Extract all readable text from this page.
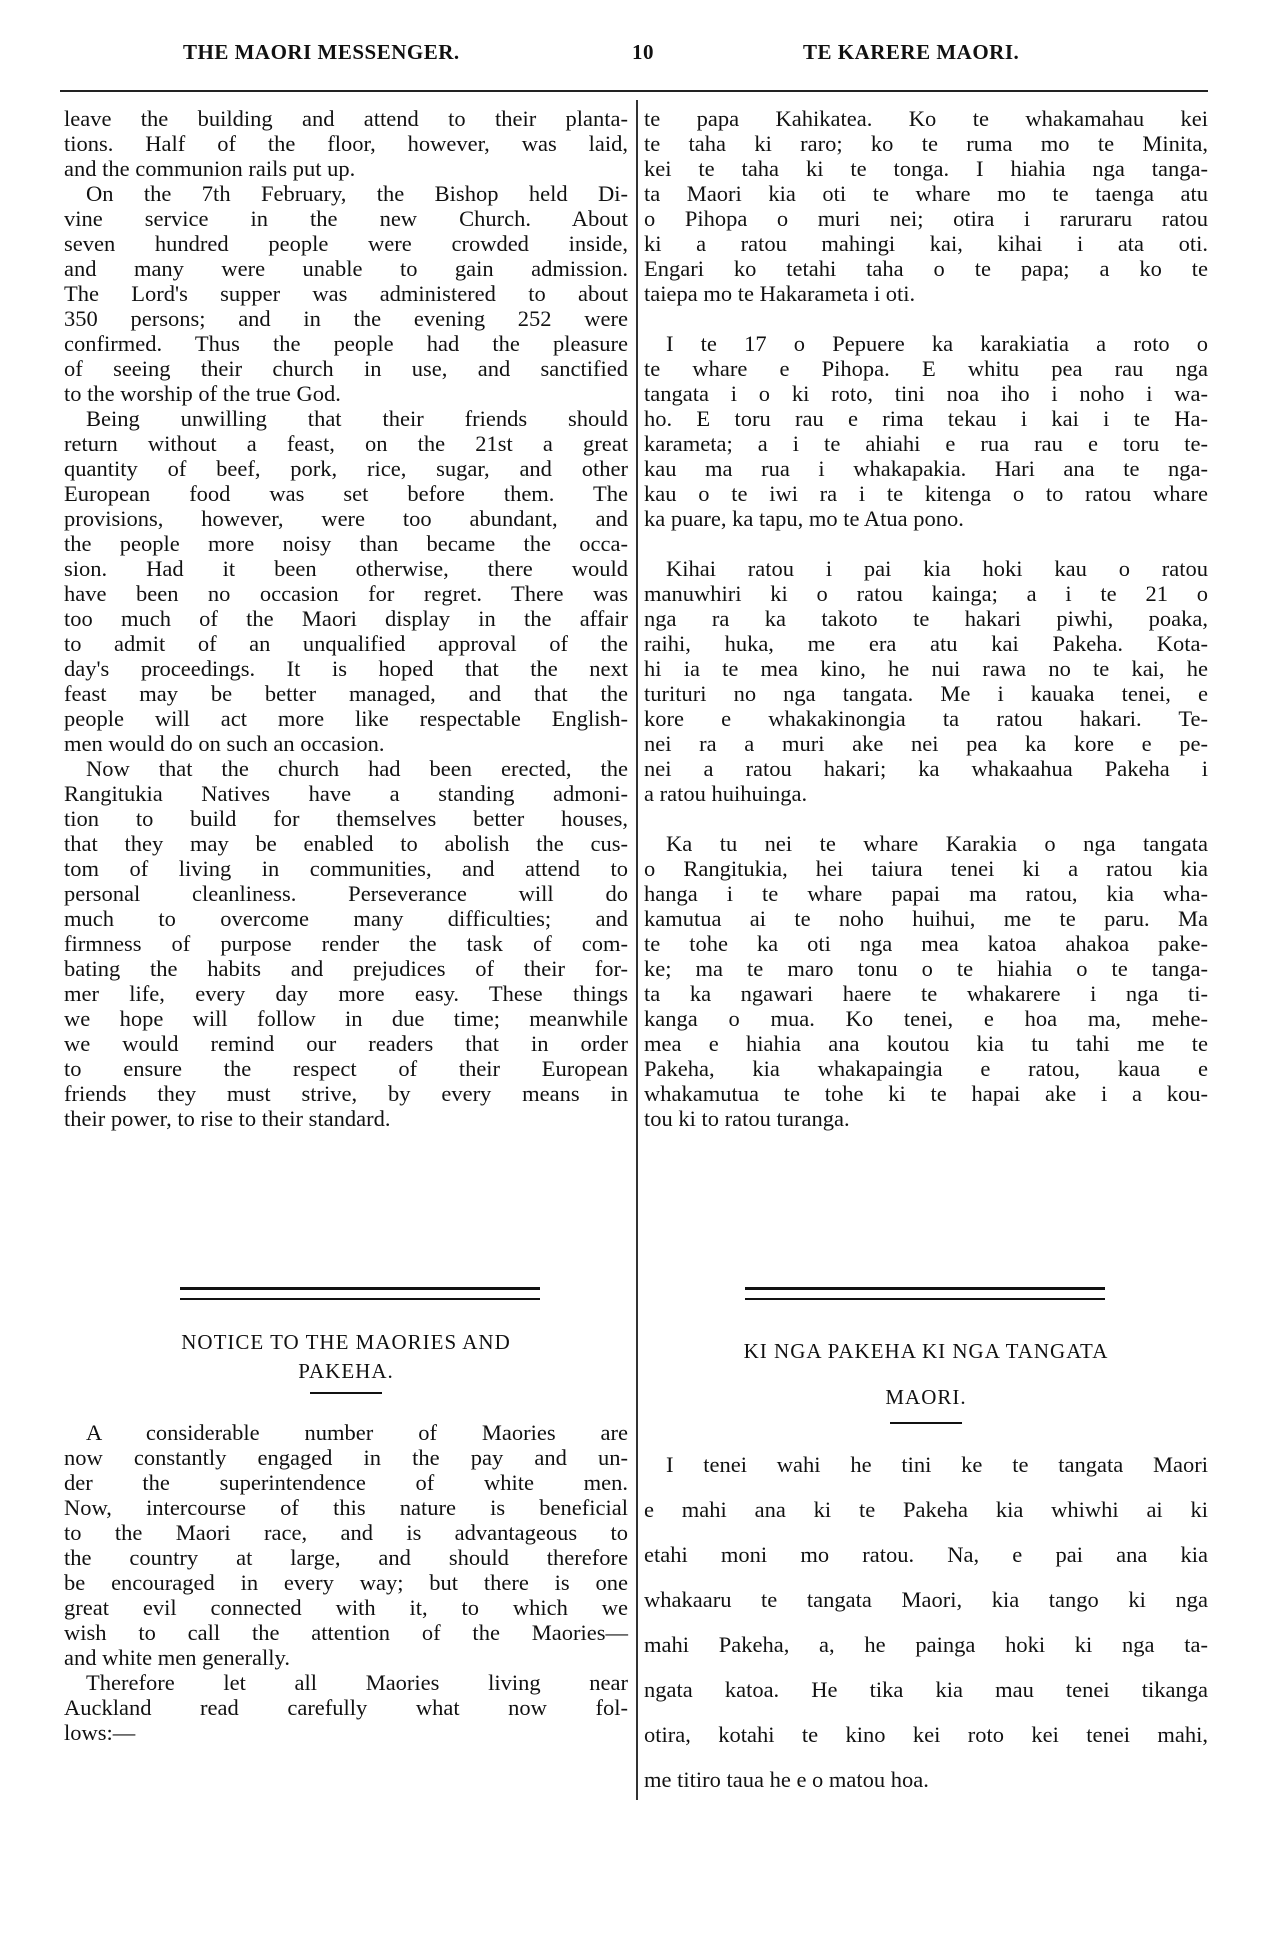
THE MAORI MESSENGER.	10	TE KARERE MAORI.
leave the building and attend to their planta-
tions. Half of the floor, however, was laid,
and the communion rails put up.
On the 7th February, the Bishop held Di-
vine service in the new Church. About
seven hundred people were crowded inside,
and many were unable to gain admission.
The Lord's supper was administered to about
350 persons; and in the evening 252 were
confirmed. Thus the people had the pleasure
of seeing their church in use, and sanctified
to the worship of the true God.
Being unwilling that their friends should
return without a feast, on the 21st a great
quantity of beef, pork, rice, sugar, and other
European food was set before them. The
provisions, however, were too abundant, and
the people more noisy than became the occa-
sion. Had it been otherwise, there would
have been no occasion for regret. There was
too much of the Maori display in the affair
to admit of an unqualified approval of the
day's proceedings. It is hoped that the next
feast may be better managed, and that the
people will act more like respectable English-
men would do on such an occasion.
Now that the church had been erected, the
Rangitukia Natives have a standing admoni-
tion to build for themselves better houses,
that they may be enabled to abolish the cus-
tom of living in communities, and attend to
personal cleanliness. Perseverance will do
much to overcome many difficulties; and
firmness of purpose render the task of com-
bating the habits and prejudices of their for-
mer life, every day more easy. These things
we hope will follow in due time; meanwhile
we would remind our readers that in order
to ensure the respect of their European
friends they must strive, by every means in
their power, to rise to their standard.
NOTICE TO THE MAORIES AND
PAKEHA.
A considerable number of Maories are
now constantly engaged in the pay and un-
der the superintendence of white men.
Now, intercourse of this nature is beneficial
to the Maori race, and is advantageous to
the country at large, and should therefore
be encouraged in every way; but there is one
great evil connected with it, to which we
wish to call the attention of the Maories—
and white men generally.
Therefore let all Maories living near
Auckland read carefully what now fol-
lows:—
te papa Kahikatea. Ko te whakamahau kei
te taha ki raro; ko te ruma mo te Minita,
kei te taha ki te tonga. I hiahia nga tanga-
ta Maori kia oti te whare mo te taenga atu
o Pihopa o muri nei; otira i raruraru ratou
ki a ratou mahingi kai, kihai i ata oti.
Engari ko tetahi taha o te papa; a ko te
taiepa mo te Hakarameta i oti.
I te 17 o Pepuere ka karakiatia a roto o
te whare e Pihopa. E whitu pea rau nga
tangata i o ki roto, tini noa iho i noho i wa-
ho. E toru rau e rima tekau i kai i te Ha-
karameta; a i te ahiahi e rua rau e toru te-
kau ma rua i whakapakia. Hari ana te nga-
kau o te iwi ra i te kitenga o to ratou whare
ka puare, ka tapu, mo te Atua pono.
Kihai ratou i pai kia hoki kau o ratou
manuwhiri ki o ratou kainga; a i te 21 o
nga ra ka takoto te hakari piwhi, poaka,
raihi, huka, me era atu kai Pakeha. Kota-
hi ia te mea kino, he nui rawa no te kai, he
turituri no nga tangata. Me i kauaka tenei, e
kore e whakakinongia ta ratou hakari. Te-
nei ra a muri ake nei pea ka kore e pe-
nei a ratou hakari; ka whakaahua Pakeha i
a ratou huihuinga.
Ka tu nei te whare Karakia o nga tangata
o Rangitukia, hei taiura tenei ki a ratou kia
hanga i te whare papai ma ratou, kia wha-
kamutua ai te noho huihui, me te paru. Ma
te tohe ka oti nga mea katoa ahakoa pake-
ke; ma te maro tonu o te hiahia o te tanga-
ta ka ngawari haere te whakarere i nga ti-
kanga o mua. Ko tenei, e hoa ma, mehe-
mea e hiahia ana koutou kia tu tahi me te
Pakeha, kia whakapaingia e ratou, kaua e
whakamutua te tohe ki te hapai ake i a kou-
tou ki to ratou turanga.
KI NGA PAKEHA KI NGA TANGATA
MAORI.
I tenei wahi he tini ke te tangata Maori
e mahi ana ki te Pakeha kia whiwhi ai ki
etahi moni mo ratou. Na, e pai ana kia
whakaaru te tangata Maori, kia tango ki nga
mahi Pakeha, a, he painga hoki ki nga ta-
ngata katoa. He tika kia mau tenei tikanga
otira, kotahi te kino kei roto kei tenei mahi,
me titiro taua he e o matou hoa.
